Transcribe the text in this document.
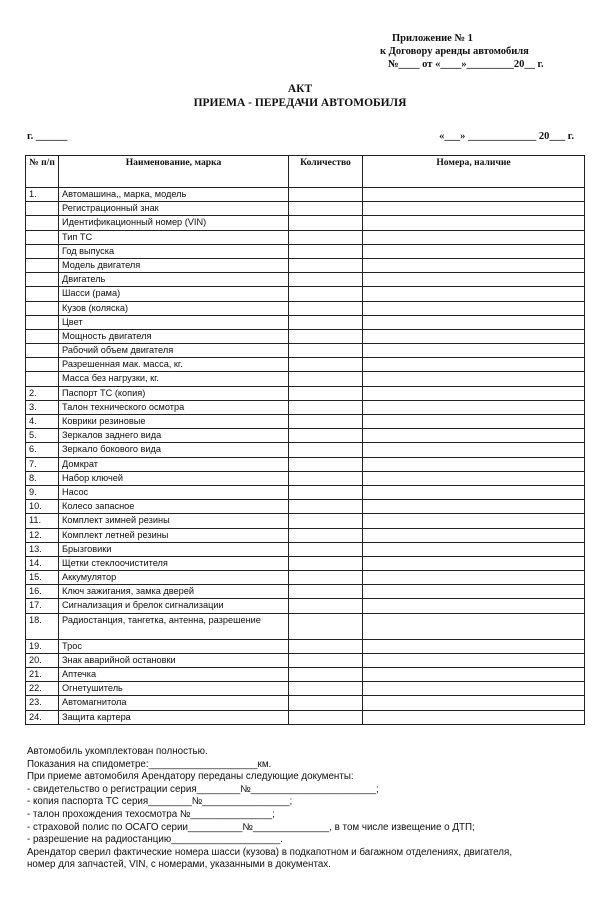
Приложение № 1
к Договору аренды автомобиля
№____ от «____»_________20__ г.
АКТ
ПРИЕМА - ПЕРЕДАЧИ АВТОМОБИЛЯ
г. ______	«___» _____________ 20___ г.
№ п/п	Наименование, марка	Количество	Номера, наличие
1.	Автомашина,, марка, модель		
	Регистрационный знак		
	Идентификационный номер (VIN)		
	Тип ТС		
	Год выпуска		
	Модель двигателя		
	Двигатель		
	Шасси (рама)		
	Кузов (коляска)		
	Цвет		
	Мощность двигателя		
	Рабочий объем двигателя		
	Разрешенная мак. масса, кг.		
	Масса без нагрузки, кг.		
2.	Паспорт ТС (копия)		
3.	Талон технического осмотра		
4.	Коврики резиновые		
5.	Зеркалов заднего вида		
6.	Зеркало бокового вида		
7.	Домкрат		
8.	Набор ключей		
9.	Насос		
10.	Колесо запасное		
11.	Комплект зимней резины		
12.	Комплект летней резины		
13.	Брызговики		
14.	Щетки стеклоочистителя		
15.	Аккумулятор		
16.	Ключ зажигания, замка дверей		
17.	Сигнализация и брелок сигнализации		
18.	Радиостанция, тангетка, антенна, разрешение		
19.	Трос		
20.	Знак аварийной остановки		
21.	Аптечка		
22.	Огнетушитель		
23.	Автомагнитола		
24.	Защита картера		
Автомобиль укомплектован полностью.
Показания на спидометре:____________________км.
При приеме автомобиля Арендатору переданы следующие документы:
- свидетельство о регистрации серия________№_______________________;
- копия паспорта ТС серия________№________________;
- талон прохождения техосмотра №_______________;
- страховой полис по ОСАГО серии__________№______________, в том числе извещение о ДТП;
- разрешение на радиостанцию____________________.
Арендатор сверил фактические номера шасси (кузова) в подкапотном и багажном отделениях, двигателя,
номер для запчастей, VIN, с номерами, указанными в документах.
